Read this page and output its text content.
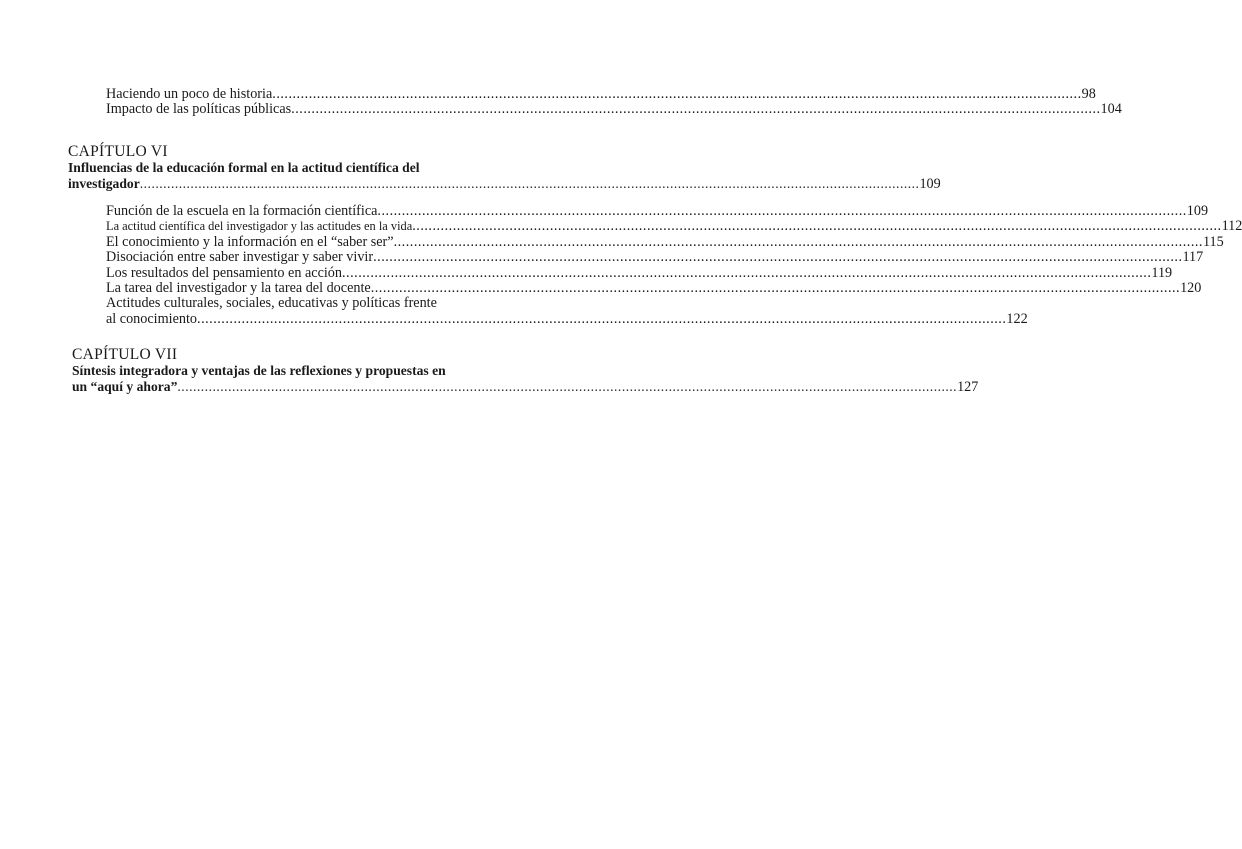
Haciendo un poco de historia ........................................................................................................................................................................................................ 98
Impacto de las políticas públicas ........................................................................................................................................................................................................ 104
CAPÍTULO VI
Influencias de la educación formal en la actitud científica del
investigador ........................................................................................................................................................................................................ 109
Función de la escuela en la formación científica ........................................................................................................................................................................................................ 109
La actitud científica del investigador y las actitudes en la vida ........................................................................................................................................................................................................ 112
El conocimiento y la información en el “saber ser” ........................................................................................................................................................................................................ 115
Disociación entre saber investigar y saber vivir ........................................................................................................................................................................................................ 117
Los resultados del pensamiento en acción ........................................................................................................................................................................................................ 119
La tarea del investigador y la tarea del docente ........................................................................................................................................................................................................ 120
Actitudes culturales, sociales, educativas y políticas frente
al conocimiento ........................................................................................................................................................................................................ 122
CAPÍTULO VII
Síntesis integradora y ventajas de las reflexiones y propuestas en
un “aquí y ahora” ........................................................................................................................................................................................................ 127
